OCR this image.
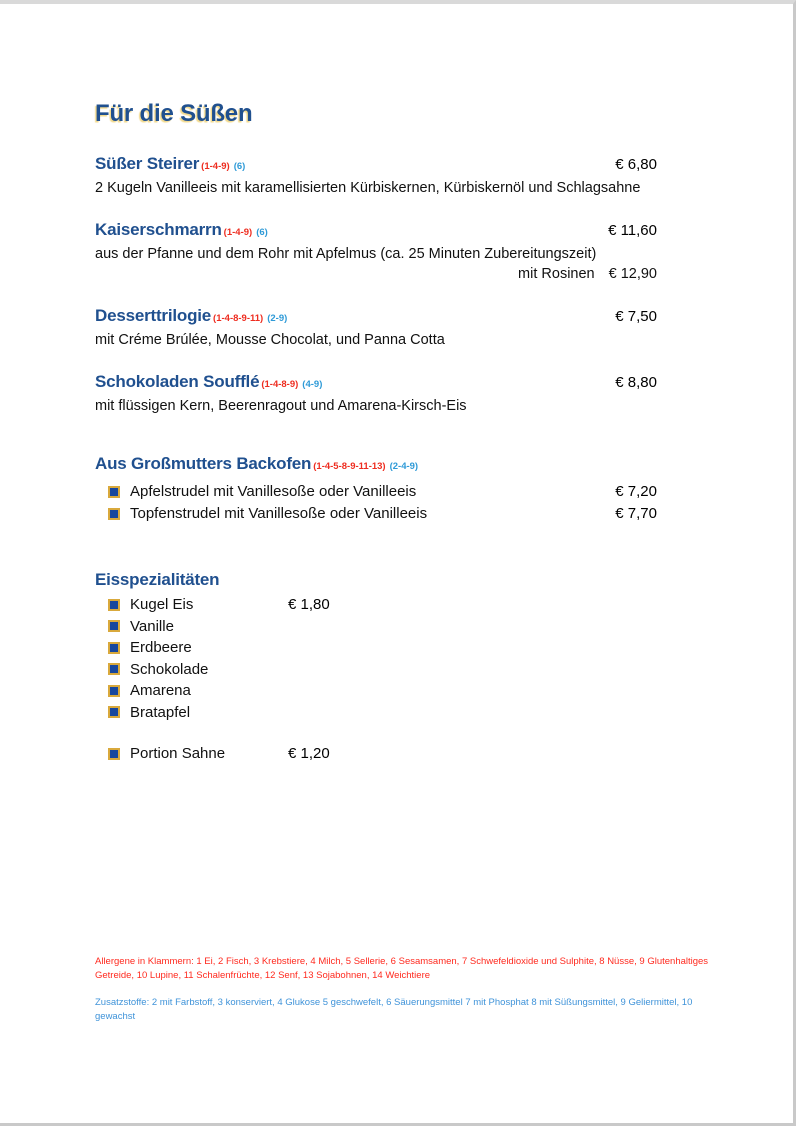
Für die Süßen
Süßer Steirer (1-4-9) (6)	€ 6,80
2 Kugeln Vanilleeis mit karamellisierten Kürbiskernen, Kürbiskernöl und Schlagsahne
Kaiserschmarrn (1-4-9) (6)	€ 11,60
aus der Pfanne und dem Rohr mit Apfelmus (ca. 25 Minuten Zubereitungszeit)
mit Rosinen € 12,90
Desserttrilogie (1-4-8-9-11) (2-9)	€ 7,50
mit Créme Brúlée, Mousse Chocolat, und Panna Cotta
Schokoladen Soufflé (1-4-8-9) (4-9)	€ 8,80
mit flüssigen Kern, Beerenragout und Amarena-Kirsch-Eis
Aus Großmutters Backofen (1-4-5-8-9-11-13) (2-4-9)
Apfelstrudel mit Vanillesoße oder Vanilleeis	€ 7,20
Topfenstrudel mit Vanillesoße oder Vanilleeis	€ 7,70
Eisspezialitäten
Kugel Eis	€ 1,80
Vanille
Erdbeere
Schokolade
Amarena
Bratapfel
Portion Sahne	€ 1,20

Allergene in Klammern: 1 Ei, 2 Fisch, 3 Krebstiere, 4 Milch, 5 Sellerie, 6 Sesamsamen, 7 Schwefeldioxide und Sulphite, 8 Nüsse, 9 Glutenhaltiges Getreide, 10 Lupine, 11 Schalenfrüchte, 12 Senf, 13 Sojabohnen, 14 Weichtiere

Zusatzstoffe: 2 mit Farbstoff, 3 konserviert, 4 Glukose 5 geschwefelt, 6 Säuerungsmittel 7 mit Phosphat 8 mit Süßungsmittel, 9 Geliermittel, 10 gewachst
